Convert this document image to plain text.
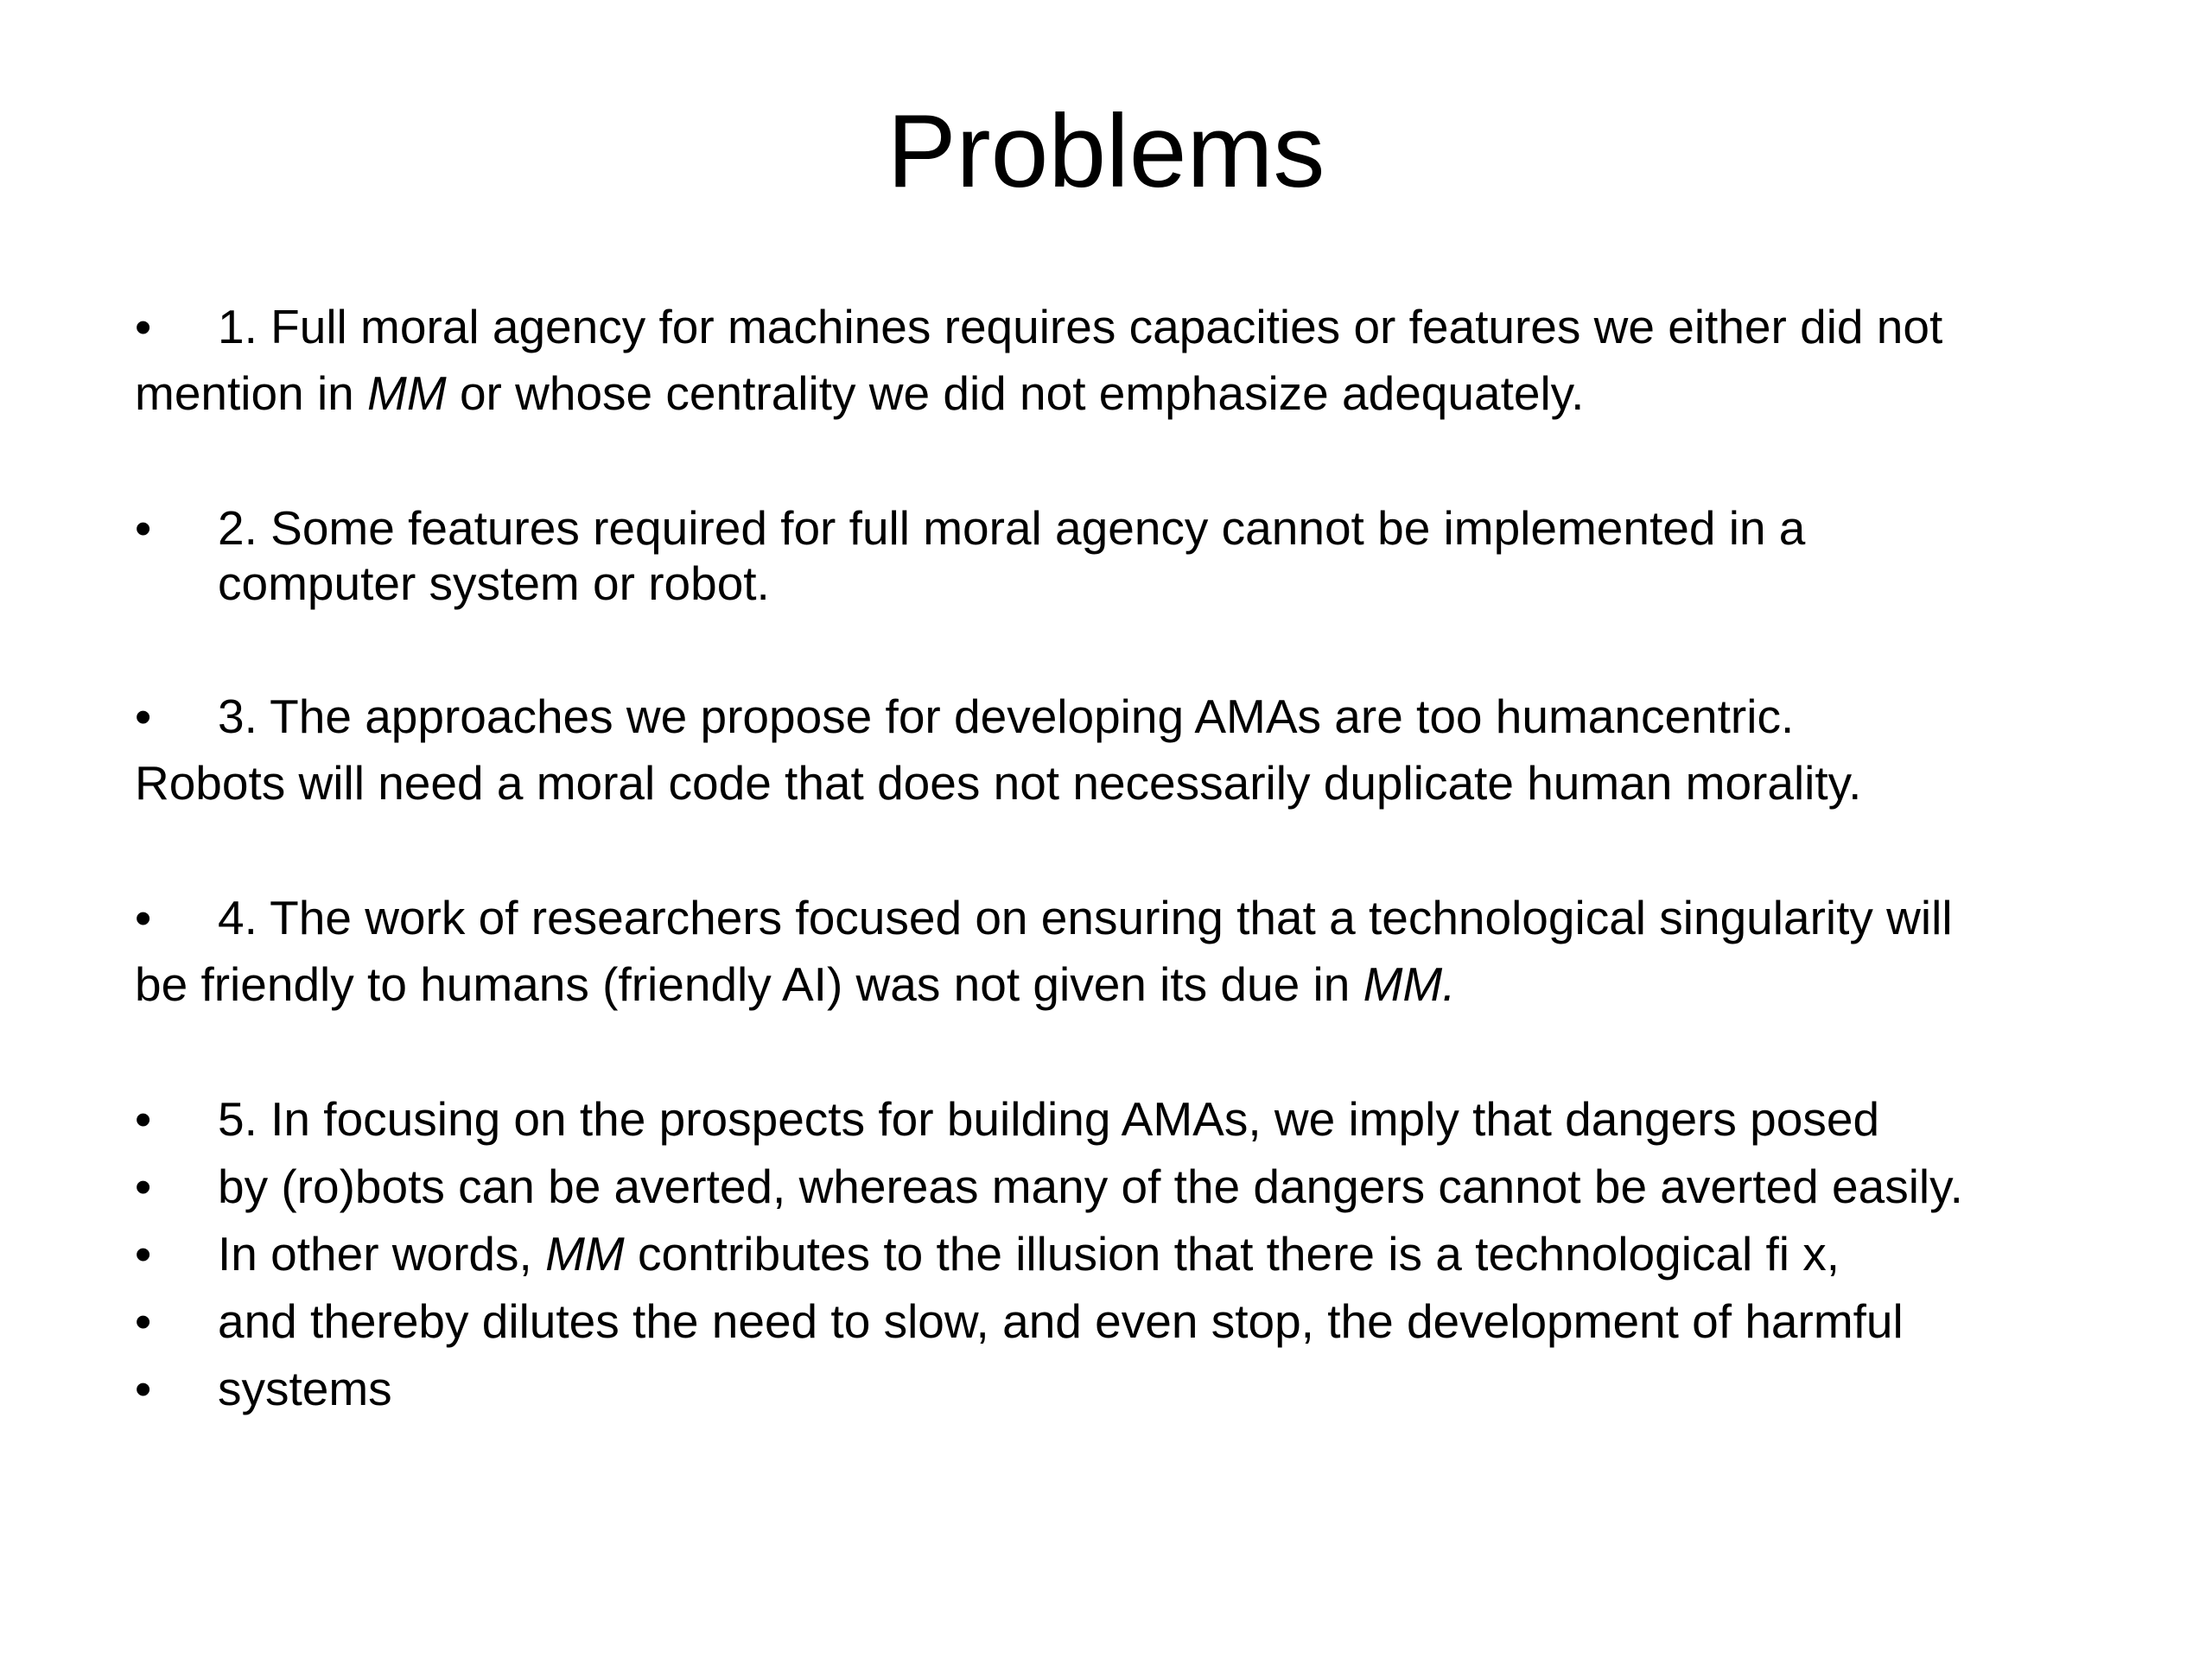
Problems
•	1. Full moral agency for machines requires capacities or features we either did not
mention in MM or whose centrality we did not emphasize adequately.
•	2. Some features required for full moral agency cannot be implemented in a
computer system or robot.
•	3. The approaches we propose for developing AMAs are too humancentric.
Robots will need a moral code that does not necessarily duplicate human morality.
•	4. The work of researchers focused on ensuring that a technological singularity will
be friendly to humans (friendly AI) was not given its due in MM.
•	5. In focusing on the prospects for building AMAs, we imply that dangers posed
•	by (ro)bots can be averted, whereas many of the dangers cannot be averted easily.
•	In other words, MM contributes to the illusion that there is a technological fi x,
•	and thereby dilutes the need to slow, and even stop, the development of harmful
•	systems
